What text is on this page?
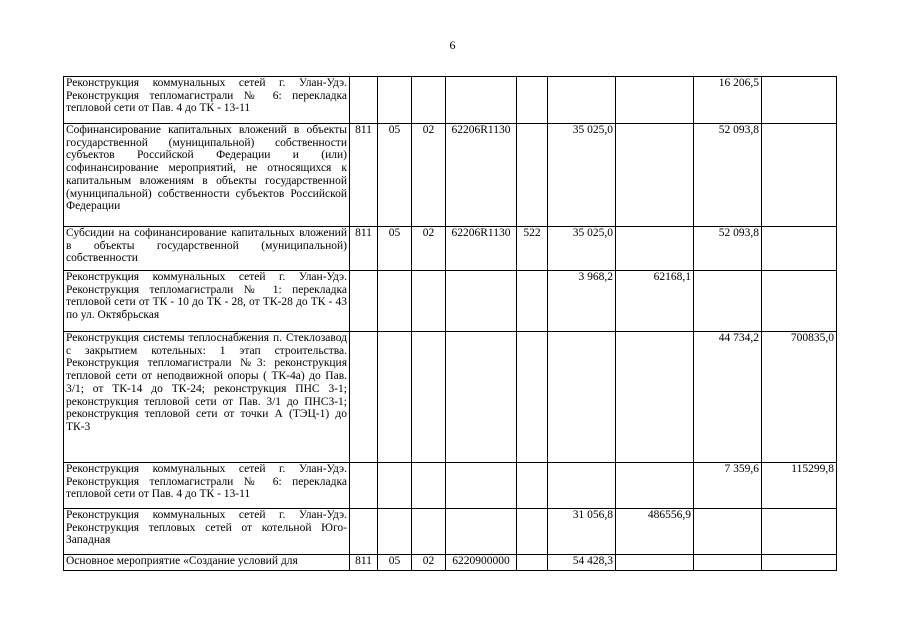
6
Реконструкция коммунальных сетей г. Улан-Удэ. Реконструкция тепломагистрали № 6: перекладка тепловой сети от Пав. 4 до ТК - 13-11								16 206,5	
Софинансирование капитальных вложений в объекты государственной (муниципальной) собственности субъектов Российской Федерации и (или) софинансирование мероприятий, не относящихся к капитальным вложениям в объекты государственной (муниципальной) собственности субъектов Российской Федерации	811	05	02	62206R1130		35 025,0		52 093,8	
Субсидии на софинансирование капитальных вложений в объекты государственной (муниципальной) собственности	811	05	02	62206R1130	522	35 025,0		52 093,8	
Реконструкция коммунальных сетей г. Улан-Удэ. Реконструкция тепломагистрали № 1: перекладка тепловой сети от ТК - 10 до ТК - 28, от ТК-28 до ТК - 43 по ул. Октябрьская						3 968,2	62168,1		
Реконструкция системы теплоснабжения п. Стеклозавод с закрытием котельных: 1 этап строительства. Реконструкция тепломагистрали №3: реконструкция тепловой сети от неподвижной опоры ( ТК-4а) до Пав. 3/1; от ТК-14 до ТК-24; реконструкция ПНС 3-1; реконструкция тепловой сети от Пав. 3/1 до ПНС3-1; реконструкция тепловой сети от точки А (ТЭЦ-1) до ТК-3								44 734,2	700835,0
Реконструкция коммунальных сетей г. Улан-Удэ. Реконструкция тепломагистрали № 6: перекладка тепловой сети от Пав. 4 до ТК - 13-11								7 359,6	115299,8
Реконструкция коммунальных сетей г. Улан-Удэ. Реконструкция тепловых сетей от котельной Юго-Западная						31 056,8	486556,9		
Основное мероприятие «Создание условий для	811	05	02	6220900000		54 428,3			
